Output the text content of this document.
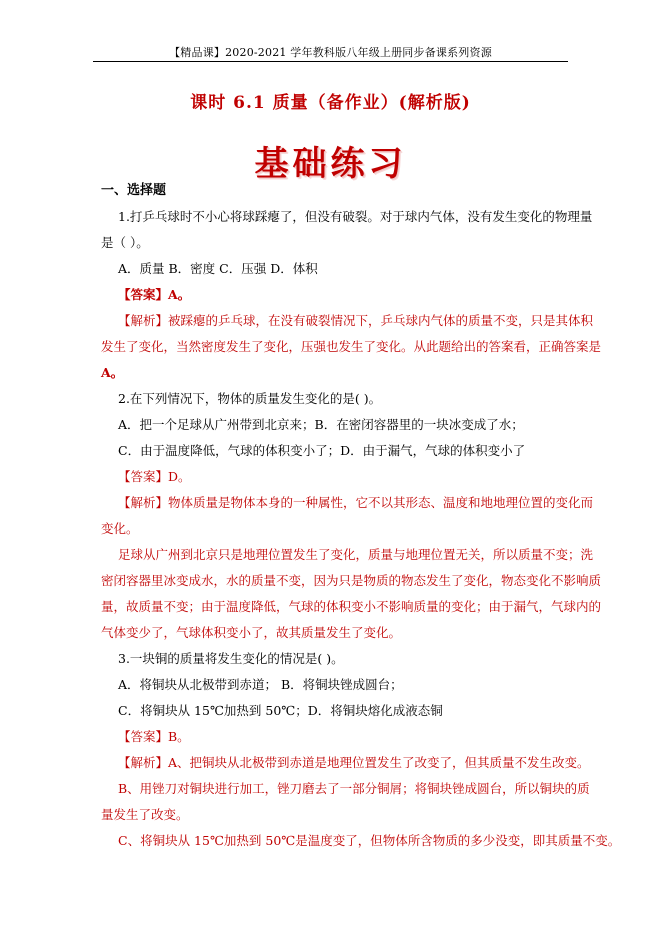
【精品课】2020-2021 学年教科版八年级上册同步备课系列资源
课时 6.1 质量（备作业）(解析版)
基础练习
一、选择题
1.打乒乓球时不小心将球踩瘪了，但没有破裂。对于球内气体，没有发生变化的物理量
是（ ）。
A．质量 B．密度 C．压强 D．体积
【答案】A。
【解析】被踩瘪的乒乓球，在没有破裂情况下，乒乓球内气体的质量不变，只是其体积
发生了变化，当然密度发生了变化，压强也发生了变化。从此题给出的答案看，正确答案是
A。
2.在下列情况下，物体的质量发生变化的是( )。
A．把一个足球从广州带到北京来；B．在密闭容器里的一块冰变成了水；
C．由于温度降低，气球的体积变小了；D．由于漏气，气球的体积变小了
【答案】D。
【解析】物体质量是物体本身的一种属性，它不以其形态、温度和地地理位置的变化而
变化。
足球从广州到北京只是地理位置发生了变化，质量与地理位置无关，所以质量不变；洗
密闭容器里冰变成水，水的质量不变，因为只是物质的物态发生了变化，物态变化不影响质
量，故质量不变；由于温度降低，气球的体积变小不影响质量的变化；由于漏气，气球内的
气体变少了，气球体积变小了，故其质量发生了变化。
3.一块铜的质量将发生变化的情况是( )。
A．将铜块从北极带到赤道； B．将铜块锉成圆台；
C．将铜块从 15℃加热到 50℃；D．将铜块熔化成液态铜
【答案】B。
【解析】A、把铜块从北极带到赤道是地理位置发生了改变了，但其质量不发生改变。
B、用锉刀对铜块进行加工，锉刀磨去了一部分铜屑；将铜块锉成圆台，所以铜块的质
量发生了改变。
C、将铜块从 15℃加热到 50℃是温度变了，但物体所含物质的多少没变，即其质量不变。
